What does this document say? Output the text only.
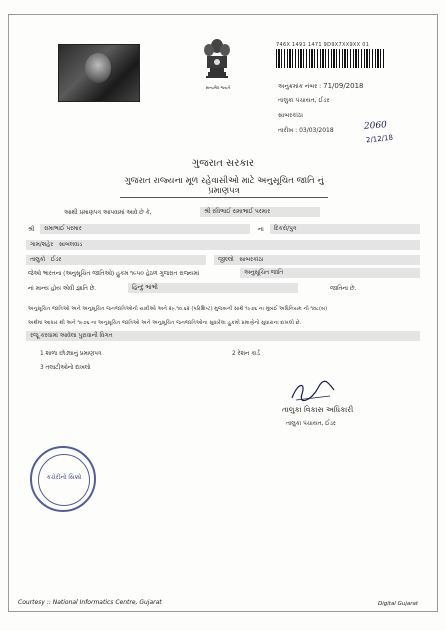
સત્યમેવ જયતે
746X 1491 1471 9D9X7XX9XX 01
અનુક્રમાંક નંબર : 71/09/2018
તાલુકા પંચાયત, ઈડર
સાબરકાંઠા
તારીખ : 03/03/2018	2060
2/12/18
ગુજરાત સરકાર
ગુજરાત રાજ્યના મૂળ રહેવાસીઓ માટે અનુસૂચિત જાતિ નું પ્રમાણપત્ર
આથી પ્રમાણપત્ર આપવામાં આવે છે કે,	શ્રી રવિભાઈ રામાભાઈ પરમાર
શ્રી	રામાભાઈ પરમાર	ના	દિકરો/પુત્ર
ગામ/શહેર સાબલવાડ
તાલુકો ઈડર	જીલ્લો સાબરકાંઠા
જેઓ ભારતના (અનુસૂચિત જાતિઓ) હુકમ ૧૯૫૦ હેઠળ ગુજરાત રાજ્યમાં	અનુસૂચિત જાતિ
નાં માન્ય હોય એવી જ્ઞાતિ છે.	હિન્દુ ભાંભી	જાતિના છે.
અનુસૂચિત જાતિઓ અને અનુસૂચિત જનજાતિઓની યાદીઓ અને ૨૯.૧૦.૬૨ (પરિશિષ્ટ) મુજબની સાથે ૧૯૭૬ ના મુંબઈ અધિનિયમ ની ૧૦૮(બ)
અર્થમાં આધાર થી અને ૧૯૭૬ ના અનુસૂચિત જાતિઓ અને અનુસૂચિત જનજાતિઓના સુધારેલા હુકમો પ્રમાણેનો સુધારાના દાખલો છે.
રજૂ કરવામાં આવેલા પુરાવાની વિગત
1 શાળા છોડ્યાનું પ્રમાણપત્ર	2 રેશન કાર્ડ
3 તલાટીઓનો દાખલો
કચેરીનો સિક્કો
તાલુકા વિકાસ અધિકારી
તાલુકા પંચાયત, ઈડર
Courtesy :: National Informatics Centre, Gujarat	Digital Gujarat
